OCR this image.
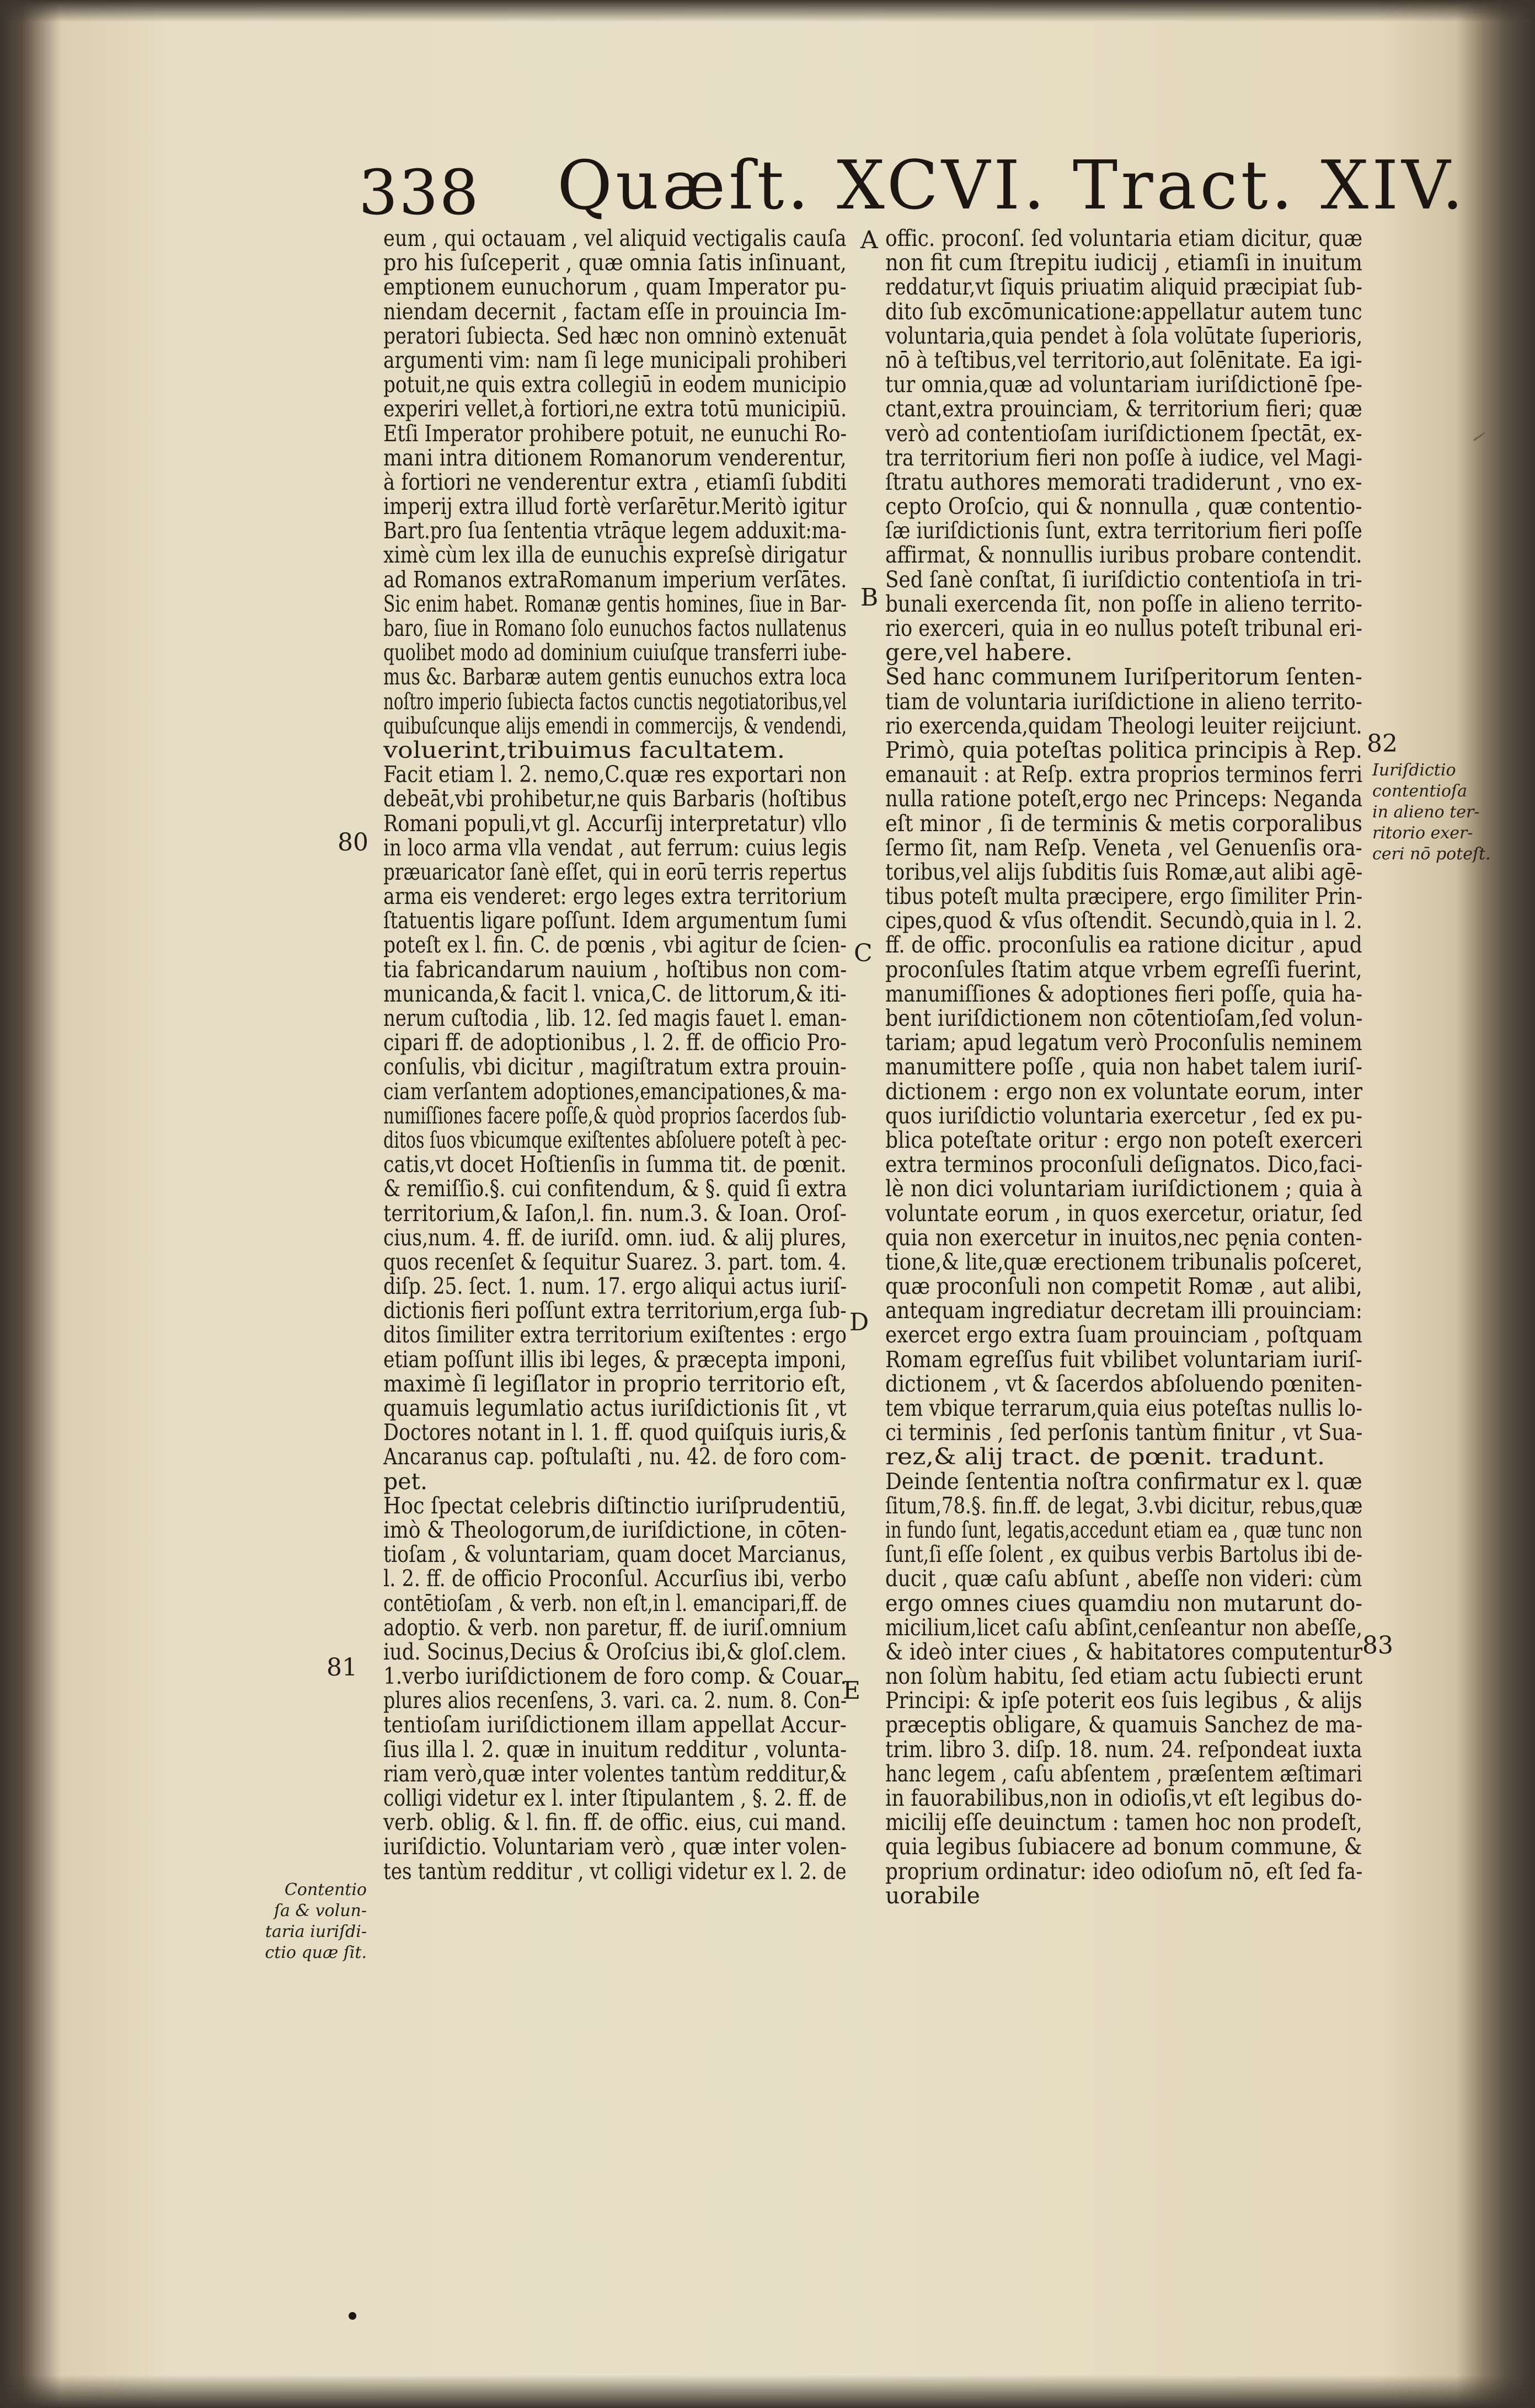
338 Quæſt. XCVI. Tract. XIV.
eum , qui octauam , vel aliquid vectigalis cauſa
pro his ſuſceperit , quæ omnia ſatis inſinuant,
emptionem eunuchorum , quam Imperator pu-
niendam decernit , factam eſſe in prouincia Im-
peratori ſubiecta. Sed hæc non omninò extenuāt
argumenti vim: nam ſi lege municipali prohiberi
potuit,ne quis extra collegiū in eodem municipio
experiri vellet,à fortiori,ne extra totū municipiū.
Etſi Imperator prohibere potuit, ne eunuchi Ro-
mani intra ditionem Romanorum venderentur,
à fortiori ne venderentur extra , etiamſi ſubditi
imperij extra illud fortè verſarētur.Meritò igitur
Bart.pro ſua ſententia vtrāque legem adduxit:ma-
ximè cùm lex illa de eunuchis expreſsè dirigatur
ad Romanos extraRomanum imperium verſātes.
Sic enim habet. Romanæ gentis homines, ſiue in Bar-
baro, ſiue in Romano ſolo eunuchos factos nullatenus
quolibet modo ad dominium cuiuſque transferri iube-
mus &c. Barbaræ autem gentis eunuchos extra loca
noſtro imperio ſubiecta factos cunctis negotiatoribus,vel
quibuſcunque alijs emendi in commercijs, & vendendi,
voluerint,tribuimus facultatem.
Facit etiam l. 2. nemo,C.quæ res exportari non
debeāt,vbi prohibetur,ne quis Barbaris (hoſtibus
Romani populi,vt gl. Accurſij interpretatur) vllo
in loco arma vlla vendat , aut ferrum: cuius legis
præuaricator ſanè eſſet, qui in eorū terris repertus
arma eis venderet: ergo leges extra territorium
ſtatuentis ligare poſſunt. Idem argumentum ſumi
poteſt ex l. fin. C. de pœnis , vbi agitur de ſcien-
tia fabricandarum nauium , hoſtibus non com-
municanda,& facit l. vnica,C. de littorum,& iti-
nerum cuſtodia , lib. 12. ſed magis fauet l. eman-
cipari ff. de adoptionibus , l. 2. ff. de officio Pro-
conſulis, vbi dicitur , magiſtratum extra prouin-
ciam verſantem adoptiones,emancipationes,& ma-
numiſſiones facere poſſe,& quòd proprios ſacerdos ſub-
ditos ſuos vbicumque exiſtentes abſoluere poteſt à pec-
catis,vt docet Hoſtienſis in ſumma tit. de pœnit.
& remiſſio.§. cui confitendum, & §. quid ſi extra
territorium,& Iaſon,l. fin. num.3. & Ioan. Oroſ-
cius,num. 4. ff. de iuriſd. omn. iud. & alij plures,
quos recenſet & ſequitur Suarez. 3. part. tom. 4.
diſp. 25. ſect. 1. num. 17. ergo aliqui actus iuriſ-
dictionis fieri poſſunt extra territorium,erga ſub-
ditos ſimiliter extra territorium exiſtentes : ergo
etiam poſſunt illis ibi leges, & præcepta imponi,
maximè ſi legiſlator in proprio territorio eſt,
quamuis legumlatio actus iuriſdictionis ſit , vt
Doctores notant in l. 1. ff. quod quiſquis iuris,&
Ancaranus cap. poſtulaſti , nu. 42. de foro com-
pet.
Hoc ſpectat celebris diſtinctio iuriſprudentiū,
imò & Theologorum,de iuriſdictione, in cōten-
tioſam , & voluntariam, quam docet Marcianus,
l. 2. ff. de officio Proconſul. Accurſius ibi, verbo
contētioſam , & verb. non eſt,in l. emancipari,ff. de
adoptio. & verb. non paretur, ff. de iuriſ.omnium
iud. Socinus,Decius & Oroſcius ibi,& gloſ.clem.
1.verbo iuriſdictionem de foro comp. & Couar.
plures alios recenſens, 3. vari. ca. 2. num. 8. Con-
tentioſam iuriſdictionem illam appellat Accur-
ſius illa l. 2. quæ in inuitum redditur , volunta-
riam verò,quæ inter volentes tantùm redditur,&
colligi videtur ex l. inter ſtipulantem , §. 2. ff. de
verb. oblig. & l. fin. ff. de offic. eius, cui mand.
iuriſdictio. Voluntariam verò , quæ inter volen-
tes tantùm redditur , vt colligi videtur ex l. 2. de
offic. proconſ. ſed voluntaria etiam dicitur, quæ
non fit cum ſtrepitu iudicij , etiamſi in inuitum
reddatur,vt ſiquis priuatim aliquid præcipiat ſub-
dito ſub excōmunicatione:appellatur autem tunc
voluntaria,quia pendet à ſola volūtate ſuperioris,
nō à teſtibus,vel territorio,aut ſolēnitate. Ea igi-
tur omnia,quæ ad voluntariam iuriſdictionē ſpe-
ctant,extra prouinciam, & territorium fieri; quæ
verò ad contentioſam iuriſdictionem ſpectāt, ex-
tra territorium fieri non poſſe à iudice, vel Magi-
ſtratu authores memorati tradiderunt , vno ex-
cepto Oroſcio, qui & nonnulla , quæ contentio-
ſæ iuriſdictionis ſunt, extra territorium fieri poſſe
affirmat, & nonnullis iuribus probare contendit.
Sed ſanè conſtat, ſi iuriſdictio contentioſa in tri-
bunali exercenda ſit, non poſſe in alieno territo-
rio exerceri, quia in eo nullus poteſt tribunal eri-
gere,vel habere.
Sed hanc communem Iuriſperitorum ſenten-
tiam de voluntaria iuriſdictione in alieno territo-
rio exercenda,quidam Theologi leuiter reijciunt.
Primò, quia poteſtas politica principis à Rep.
emanauit : at Reſp. extra proprios terminos ferri
nulla ratione poteſt,ergo nec Princeps: Neganda
eſt minor , ſi de terminis & metis corporalibus
ſermo ſit, nam Reſp. Veneta , vel Genuenſis ora-
toribus,vel alijs ſubditis ſuis Romæ,aut alibi agē-
tibus poteſt multa præcipere, ergo ſimiliter Prin-
cipes,quod & vſus oſtendit. Secundò,quia in l. 2.
ff. de offic. proconſulis ea ratione dicitur , apud
proconſules ſtatim atque vrbem egreſſi fuerint,
manumiſſiones & adoptiones fieri poſſe, quia ha-
bent iuriſdictionem non cōtentioſam,ſed volun-
tariam; apud legatum verò Proconſulis neminem
manumittere poſſe , quia non habet talem iuriſ-
dictionem : ergo non ex voluntate eorum, inter
quos iuriſdictio voluntaria exercetur , ſed ex pu-
blica poteſtate oritur : ergo non poteſt exerceri
extra terminos proconſuli deſignatos. Dico,faci-
lè non dici voluntariam iuriſdictionem ; quia à
voluntate eorum , in quos exercetur, oriatur, ſed
quia non exercetur in inuitos,nec pęnia conten-
tione,& lite,quæ erectionem tribunalis poſceret,
quæ proconſuli non competit Romæ , aut alibi,
antequam ingrediatur decretam illi prouinciam:
exercet ergo extra ſuam prouinciam , poſtquam
Romam egreſſus fuit vbilibet voluntariam iuriſ-
dictionem , vt & ſacerdos abſoluendo pœniten-
tem vbique terrarum,quia eius poteſtas nullis lo-
ci terminis , ſed perſonis tantùm finitur , vt Sua-
rez,& alij tract. de pœnit. tradunt.
Deinde ſententia noſtra confirmatur ex l. quæ
ſitum,78.§. fin.ff. de legat, 3.vbi dicitur, rebus,quæ
in fundo ſunt, legatis,accedunt etiam ea , quæ tunc non
ſunt,ſi eſſe ſolent , ex quibus verbis Bartolus ibi de-
ducit , quæ caſu abſunt , abeſſe non videri: cùm
ergo omnes ciues quamdiu non mutarunt do-
micilium,licet caſu abſint,cenſeantur non abeſſe,
& ideò inter ciues , & habitatores computentur
non ſolùm habitu, ſed etiam actu ſubiecti erunt
Principi: & ipſe poterit eos ſuis legibus , & alijs
præceptis obligare, & quamuis Sanchez de ma-
trim. libro 3. diſp. 18. num. 24. reſpondeat iuxta
hanc legem , caſu abſentem , præſentem æſtimari
in fauorabilibus,non in odioſis,vt eſt legibus do-
micilij eſſe deuinctum : tamen hoc non prodeſt,
quia legibus ſubiacere ad bonum commune, &
proprium ordinatur: ideo odioſum nō, eſt ſed fa-
uorabile
80
81
82
83
A
B
C
D
E
Contentio
ſa & volun-
taria iuriſdi-
ctio quæ ſit.
Iuriſdictio
contentioſa
in alieno ter-
ritorio exer-
ceri nō poteſt.
